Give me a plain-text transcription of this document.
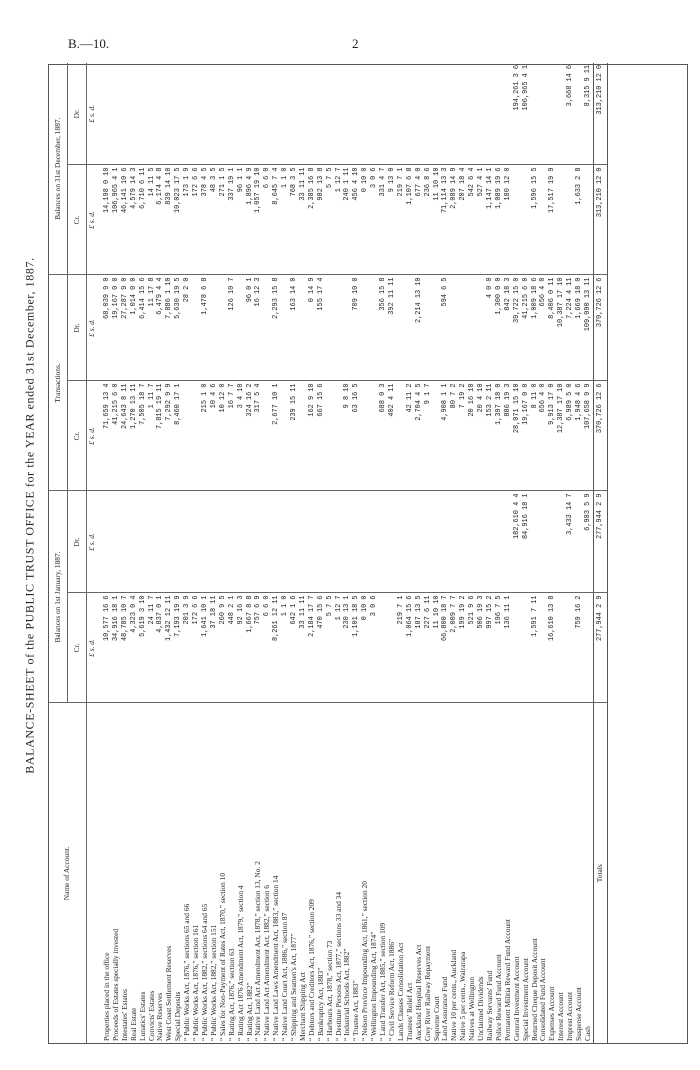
B.—10.	2
BALANCE-SHEET of the PUBLIC TRUST OFFICE for the YEAR ended 31st December, 1887.
Name of Account.	Balances on 1st January, 1887.		Transactions.		Balances on 31st December, 1887.	
	Cr.	Dr.	Cr.	Dr.	Cr.	Dr.
	£ s. d.	£ s. d.	£ s. d.	£ s. d.	£ s. d.	£ s. d.

Properties placed in the office	10,577 16 6		71,659 13 4	68,039 9 0	14,198 0 10	
Proceeds of Estates specially invested	34,916 18 1		41,215 6 0	19,167 0 0	106,965 4 1	
Intestates' Estates	48,785 10 7		24,643 8 11	27,287 9 0	46,141 10 6	
Real Estate	4,323 0 4		1,270 13 11	1,014 0 0	4,579 14 3	
Lunatics' Estates	5,619 3 10		7,505 18 7	6,414 15 6	6,710 6 11	
Convicts' Estates	24 11 7		1 11 7	11 17 8	14 11 5	
Native Reserves	4,837 0 1		7,815 19 11	6,479 4 4	6,174 4 8	
West Coast Settlement Reserves	1,432 12 11		7,292 9 9	7,886 1 10	839 14 10	
Special Deposits	7,193 19 9		8,460 17 1	5,630 19 5	10,023 17 5	
“ Public Works Act, 1876,” sections 65 and 66	201 3 9			28 2 0	173 1 9	
“ Public Works Act, 1876,” section 161	172 6 6				172 6 6	
“ Public Works Act, 1882,” sections 64 and 65	1,641 10 1		215 1 0	1,478 6 8	378 4 5	
“ Public Works Act, 1882,” section 151	37 18 11		10 4 6		48 3 5	
“ Sales for Non-Payment of Rates Act, 1870,” section 10	260 9 5		10 12 0		271 1 5	
“ Rating Act, 1876,” section 63	448 2 1		16 7 7	126 10 7	337 19 1	
“ Rating Act 1876 Amendment Act, 1879,” section 4	92 16 3		3 4 10		96 1 1	
“ Rating Act, 1882”	1,667 8 8		324 16 2	96 0 1	1,896 4 9	
“ Native Land Act Amendment Act, 1878,” section 13, No. 2	757 6 9		317 5 4	16 12 3	1,057 19 10	
“ Native Land Act Amendment Act, 1882,” section 6	6 6 0				6 6 0	
“ Native Land Laws Amendment Act, 1883,” section 14	8,261 12 11		2,677 10 1	2,293 15 8	8,645 7 4	
“ Native Land Court Act, 1886,” section 87	1 1 0				1 1 0	
“ Shipping and Seamen's Act, 1877”	642 1 6		239 15 11	163 14 0	768 3 5	
Merchant Shipping Act	33 11 11				33 11 11	
“ Debtors and Creditors Act, 1876,” section 209	2,184 17 7		162 9 10	0 14 9	2,385 16 8	
“ Bankruptcy Act, 1883”	470 15 6		667 15 6	155 17 4	982 13 8	
“ Harbours Act, 1878,” section 73	5 7 5				5 7 5	
“ Destitute Persons Act, 1877,” sections 33 and 34	1 12 7				1 12 7	
“ Industrial Schools Act, 1882”	230 13 1		9 8 10		240 1 11	
“ Trustee Act, 1883”	1,101 18 5		63 16 5	709 10 0	456 4 10	
“ Nelson Province Impounding Act, 1861,” section 20	0 10 0				0 10 0	
“ Wellington Impounding Act, 1874”	3 0 6				3 0 6	
“ Land Transfer Act, 1885,” section 109			688 0 3	356 15 8	331 4 7	
“ Civil Service Reform Act, 1886”			402 4 11	392 11 11	9 13 0	
Lands Clauses Consolidation Act	219 7 1				219 7 1	
Trustees' Relief Act	1,064 15 6		42 11 2		1,107 6 8	
Auckland Hospital Reserves Act	187 13 5		2,704 4 5	2,214 13 10	677 4 0	
Grey River Railway Repayment	227 6 11		9 1 7		236 8 6	
Supreme Court	11 10 10				11 10 10	
Land Assurance Fund	66,800 18 7		4,908 1 1	594 6 5	71,114 13 3	
Native 10 per cents., Auckland	2,009 7 7		80 7 2		2,089 14 9	
Native 5 per cents., Wairarapa	199 19 2		7 19 2		207 18 4	
Natives at Wellington	521 9 6		20 16 10		542 6 4	
Unclaimed Dividends	506 19 3		20 4 10		527 4 1	
Railway Servants' Fund	997 15 2		153 2 11	4 0 0	1,147 14 1	
Police Reward Fund Account	196 7 5		1,397 18 0	1,300 0 0	1,089 19 6	
Permanent Militia Reward Fund Account	136 11 1		886 19 3	842 18 3	180 12 0	
General Investment Account		182,610 4 4	28,071 15 10	39,722 15 0		194,261 3 6
Special Investment Account		84,916 18 1	19,167 0 0	41,215 6 0		106,965 4 1
Returned Cheque Deposit Account	1,591 7 11		8 11 0	1,009 18 6	1,596 15 5	
Consolidated Fund Account			656 4 0	656 4 0		
Expenses Account	16,610 13 8		9,913 17 0	8,406 0 11	17,517 19 9	
Interest Account			12,387 17 10	10,387 17 10		
Imprest Account		3,433 14 7	6,989 5 0	7,224 4 11		3,668 14 6
Suspense Account	759 16 2		1,948 4 6	1,669 18 0	1,633 2 8	
Cash		6,983 5 9	107,658 9 9	109,090 13 11		8,315 9 11
Totals	277,944 2 9	277,944 2 9	370,726 12 6	370,726 12 6	313,210 12 0	313,210 12 0
